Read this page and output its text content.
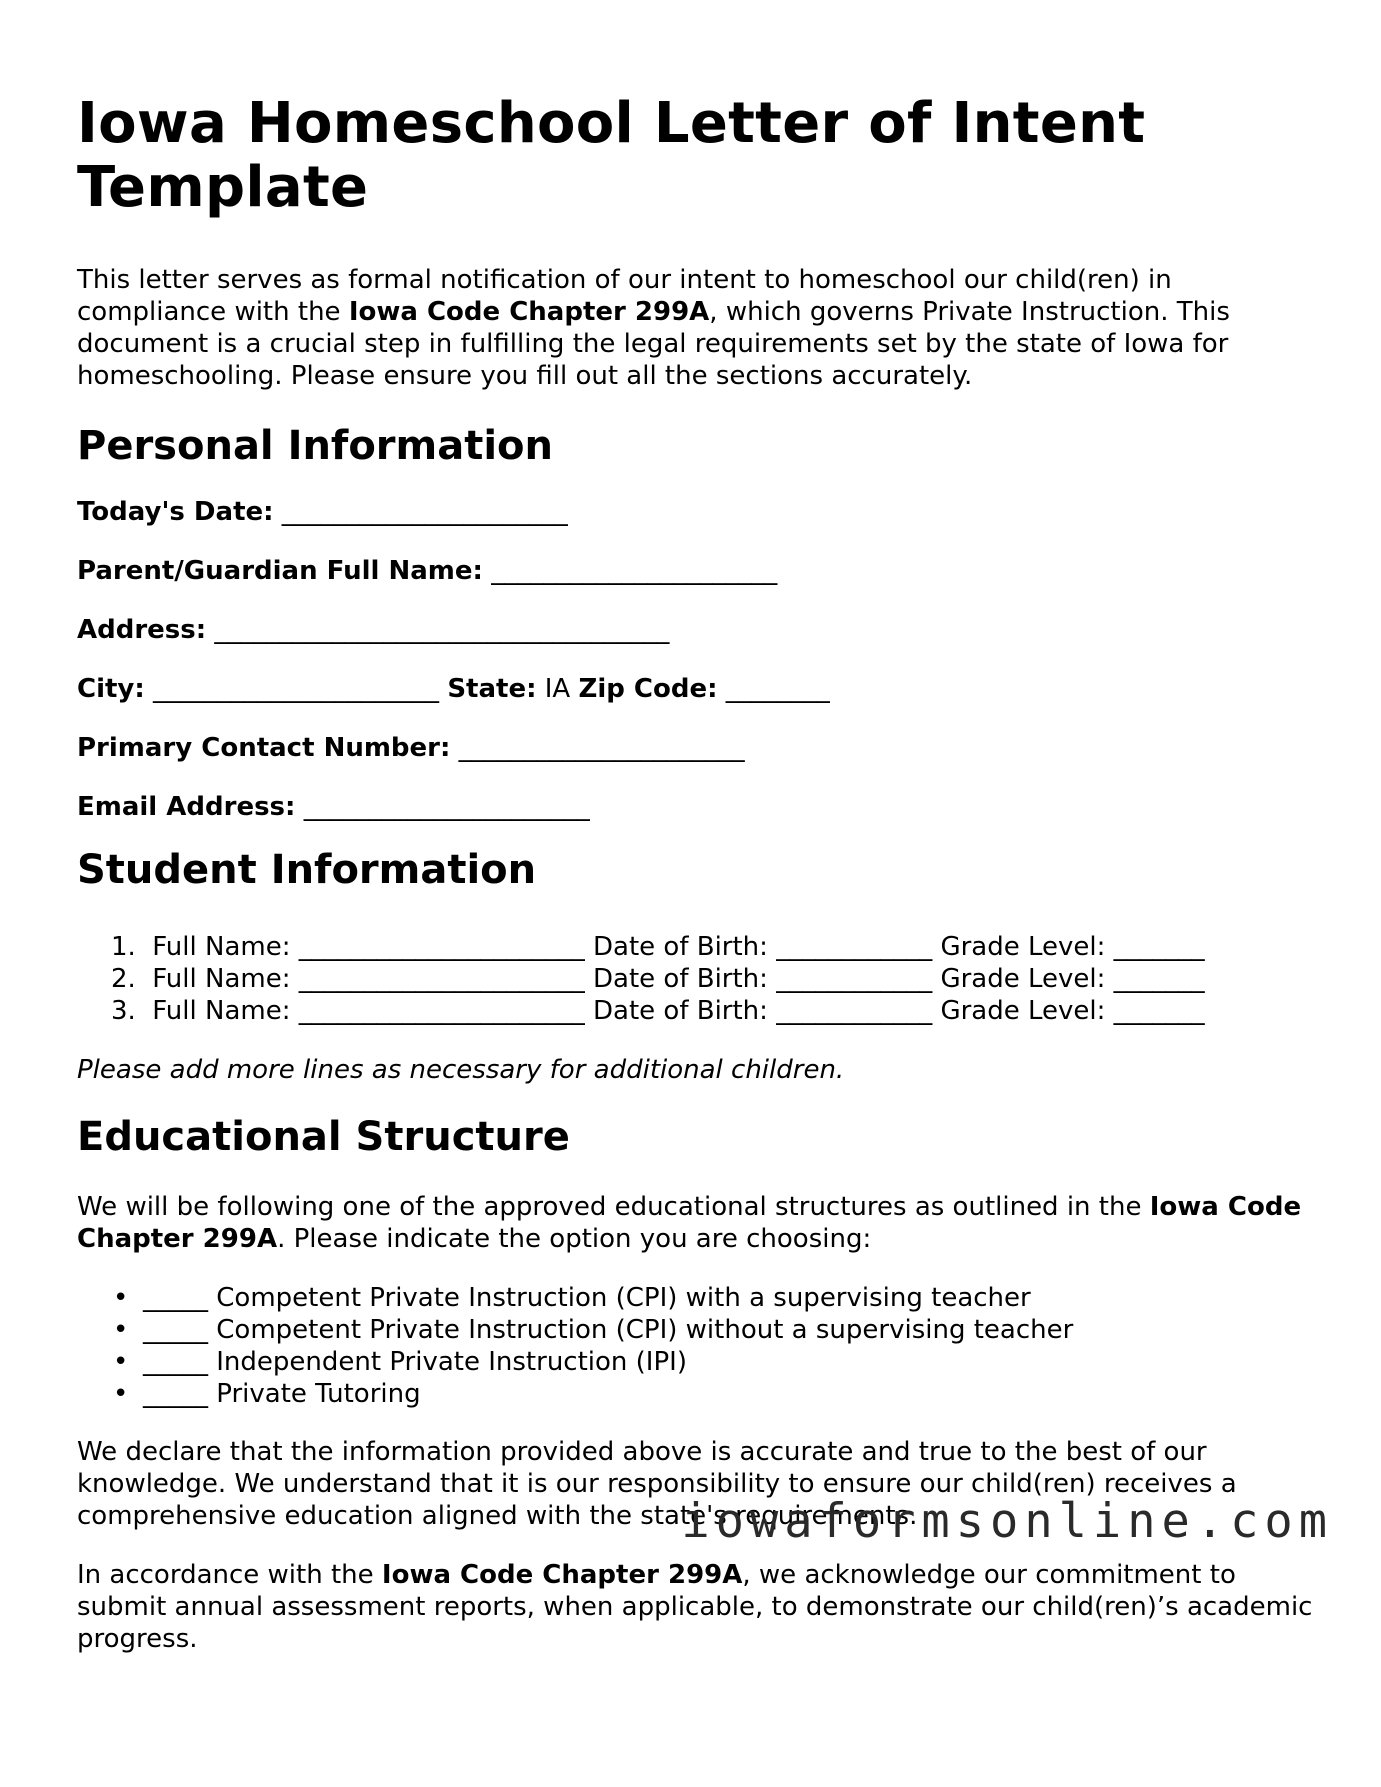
Iowa Homeschool Letter of Intent Template

This letter serves as formal notification of our intent to homeschool our child(ren) in compliance with the Iowa Code Chapter 299A, which governs Private Instruction. This document is a crucial step in fulfilling the legal requirements set by the state of Iowa for homeschooling. Please ensure you fill out all the sections accurately.

Personal Information

Today's Date: ______________________

Parent/Guardian Full Name: ______________________

Address: ___________________________________

City: ______________________ State: IA Zip Code: ________

Primary Contact Number: ______________________

Email Address: ______________________

Student Information
1. Full Name: ______________________ Date of Birth: ____________ Grade Level: _______
2. Full Name: ______________________ Date of Birth: ____________ Grade Level: _______
3. Full Name: ______________________ Date of Birth: ____________ Grade Level: _______

Please add more lines as necessary for additional children.

Educational Structure

We will be following one of the approved educational structures as outlined in the Iowa Code Chapter 299A. Please indicate the option you are choosing:

• _____ Competent Private Instruction (CPI) with a supervising teacher
• _____ Competent Private Instruction (CPI) without a supervising teacher
• _____ Independent Private Instruction (IPI)
• _____ Private Tutoring

We declare that the information provided above is accurate and true to the best of our knowledge. We understand that it is our responsibility to ensure our child(ren) receives a comprehensive education aligned with the state's requirements.

In accordance with the Iowa Code Chapter 299A, we acknowledge our commitment to submit annual assessment reports, when applicable, to demonstrate our child(ren)’s academic progress.

iowaformsonline.com
